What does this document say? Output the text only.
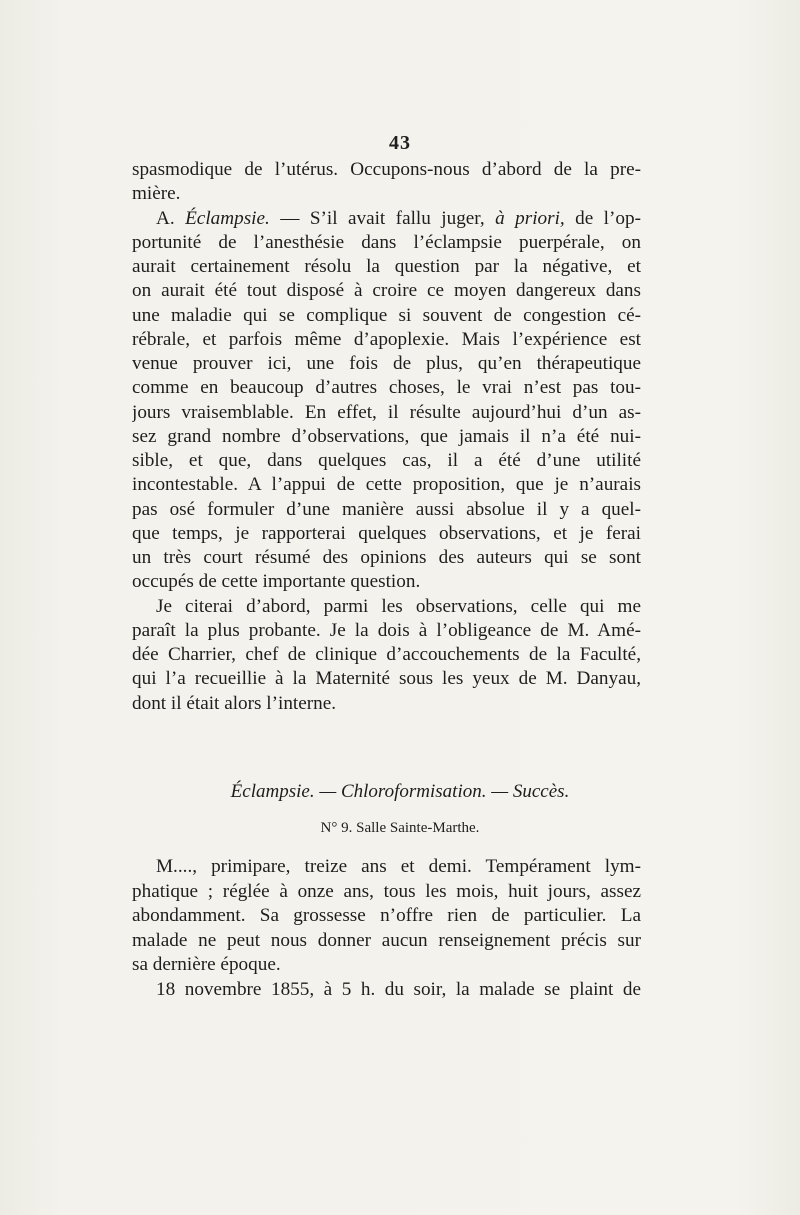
43
spasmodique de l’utérus. Occupons-nous d’abord de la pre-
mière.
A. Éclampsie. — S’il avait fallu juger, à priori, de l’op-
portunité de l’anesthésie dans l’éclampsie puerpérale, on
aurait certainement résolu la question par la négative, et
on aurait été tout disposé à croire ce moyen dangereux dans
une maladie qui se complique si souvent de congestion cé-
rébrale, et parfois même d’apoplexie. Mais l’expérience est
venue prouver ici, une fois de plus, qu’en thérapeutique
comme en beaucoup d’autres choses, le vrai n’est pas tou-
jours vraisemblable. En effet, il résulte aujourd’hui d’un as-
sez grand nombre d’observations, que jamais il n’a été nui-
sible, et que, dans quelques cas, il a été d’une utilité
incontestable. A l’appui de cette proposition, que je n’aurais
pas osé formuler d’une manière aussi absolue il y a quel-
que temps, je rapporterai quelques observations, et je ferai
un très court résumé des opinions des auteurs qui se sont
occupés de cette importante question.
Je citerai d’abord, parmi les observations, celle qui me
paraît la plus probante. Je la dois à l’obligeance de M. Amé-
dée Charrier, chef de clinique d’accouchements de la Faculté,
qui l’a recueillie à la Maternité sous les yeux de M. Danyau,
dont il était alors l’interne.
Éclampsie. — Chloroformisation. — Succès.
N° 9. Salle Sainte-Marthe.
M...., primipare, treize ans et demi. Tempérament lym-
phatique ; réglée à onze ans, tous les mois, huit jours, assez
abondamment. Sa grossesse n’offre rien de particulier. La
malade ne peut nous donner aucun renseignement précis sur
sa dernière époque.
18 novembre 1855, à 5 h. du soir, la malade se plaint de
